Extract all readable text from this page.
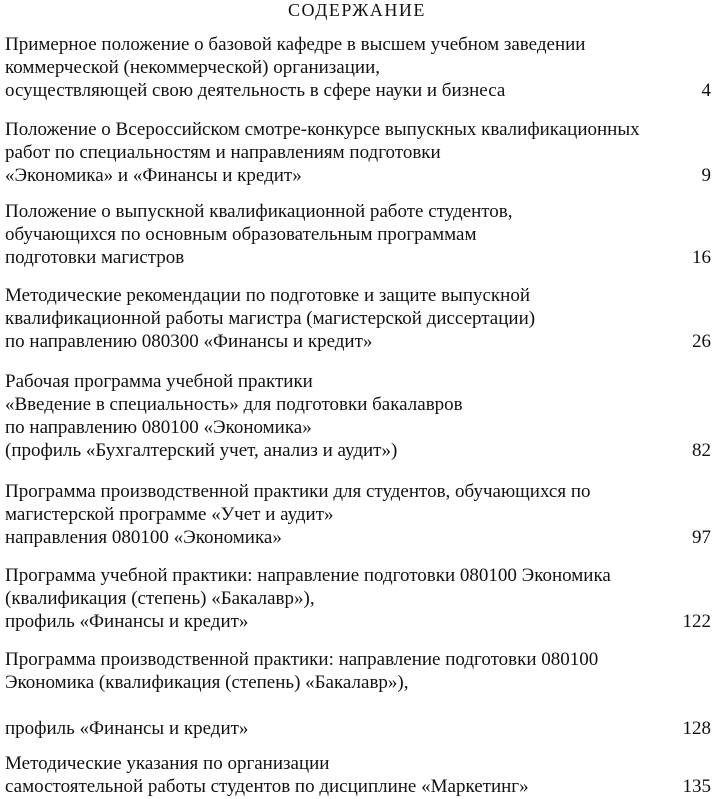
СОДЕРЖАНИЕ
Примерное положение о базовой кафедре в высшем учебном заведении
коммерческой (некоммерческой) организации,
осуществляющей свою деятельность в сфере науки и бизнеса	4
Положение о Всероссийском смотре-конкурсе выпускных квалификационных
работ по специальностям и направлениям подготовки
«Экономика» и «Финансы и кредит»	9
Положение о выпускной квалификационной работе студентов,
обучающихся по основным образовательным программам
подготовки магистров	16
Методические рекомендации по подготовке и защите выпускной
квалификационной работы магистра (магистерской диссертации)
по направлению 080300 «Финансы и кредит»	26
Рабочая программа учебной практики
«Введение в специальность» для подготовки бакалавров
по направлению 080100 «Экономика»
(профиль «Бухгалтерский учет, анализ и аудит»)	82
Программа производственной практики для студентов, обучающихся по
магистерской программе «Учет и аудит»
направления 080100 «Экономика»	97
Программа учебной практики: направление подготовки 080100 Экономика
(квалификация (степень) «Бакалавр»),
профиль «Финансы и кредит»	122
Программа производственной практики: направление подготовки 080100
Экономика (квалификация (степень) «Бакалавр»),
профиль «Финансы и кредит»	128
Методические указания по организации
самостоятельной работы студентов по дисциплине «Маркетинг»	135
